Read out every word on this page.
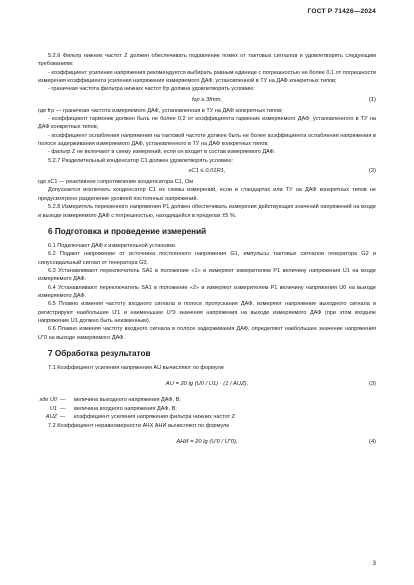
ГОСТ Р 71426—2024

5.2.6 Фильтр нижних частот Z должен обеспечивать подавление помех от тактовых сигналов и удовлетворять следующим требованиям:

- коэффициент усиления напряжения рекомендуется выбирать равным единице с погрешностью не более 0,1 от погрешности измерения коэффициента усиления напряжения измеряемого ДАФ, установленной в ТУ на ДАФ конкретных типов;

- граничная частота фильтра нижних частот fгр должна удовлетворять условию:

fгр ≥ 3fтт,	(1)

где fгр — граничная частота измеряемого ДАФ, установленная в ТУ на ДАФ конкретных типов;

- коэффициент гармоник должен быть не более 0,2 от коэффициента гармоник измеряемого ДАФ, установленного в ТУ на ДАФ конкретных типов;

- коэффициент ослабления напряжения на тактовой частоте должен быть не более коэффициента ослабления напряжения в полосе задерживания измеряемого ДАФ, установленного в ТУ на ДАФ конкретных типов;

- фильтр Z не включают в схему измерений, если он входит в состав измеряемого ДАФ.

5.2.7 Разделительный конденсатор С1 должен удовлетворять условию:

xС1 ≤ 0,01R1,	(2)

где xС1 — реактивное сопротивление конденсатора С1, Ом

Допускается исключать конденсатор С1 из схемы измерений, если в стандартах или ТУ на ДАФ конкретных типов не предусмотрено разделение уровней постоянных напряжений.

5.2.8 Измеритель переменного напряжения Р1 должен обеспечивать измерения действующих значений напряжений на входе и выходе измеряемого ДАФ с погрешностью, находящейся в пределах ±5 %.

6 Подготовка и проведение измерений

6.1 Подключают ДАФ к измерительной установке.

6.2 Подают напряжение от источника постоянного напряжения G1, импульсы тактовых сигналов генератора G2 и синусоидальный сигнал от генератора G3.

6.3 Устанавливают переключатель SA1 в положение «1» и измеряют измерителем Р1 величину напряжения U1 на входе измеряемого ДАФ.

6.4 Устанавливают переключатель SA1 в положение «2» и измеряют измерителем Р1 величину напряжения U0 на выходе измеряемого ДАФ.

6.5 Плавно изменяя частоту входного сигнала в полосе пропускания ДАФ, измеряют напряжение выходного сигнала и регистрируют наибольшее U′1 и наименьшее U″0 значения напряжения на выходе измеряемого ДАФ (при этом входное напряжение U1 должно быть неизменным).

6.6 Плавно изменяя частоту входного сигнала в полосе задерживания ДАФ, определяют наибольшее значение напряжения U″0 на выходе измеряемого ДАФ.

7 Обработка результатов

7.1 Коэффициент усиления напряжения AU вычисляют по формуле

AU = 20 lg (U0 / U1) · (1 / AUZ),	(3)
где U0 —	величина выходного напряжения ДАФ, В;
U1 —	величина входного напряжения ДАФ, В;
AUZ —	коэффициент усиления напряжения фильтра нижних частот Z

7.2 Коэффициент неравномерности АЧХ AНИ вычисляют по формуле

AНИ = 20 lg (U′0 / U″0),	(4)
3
